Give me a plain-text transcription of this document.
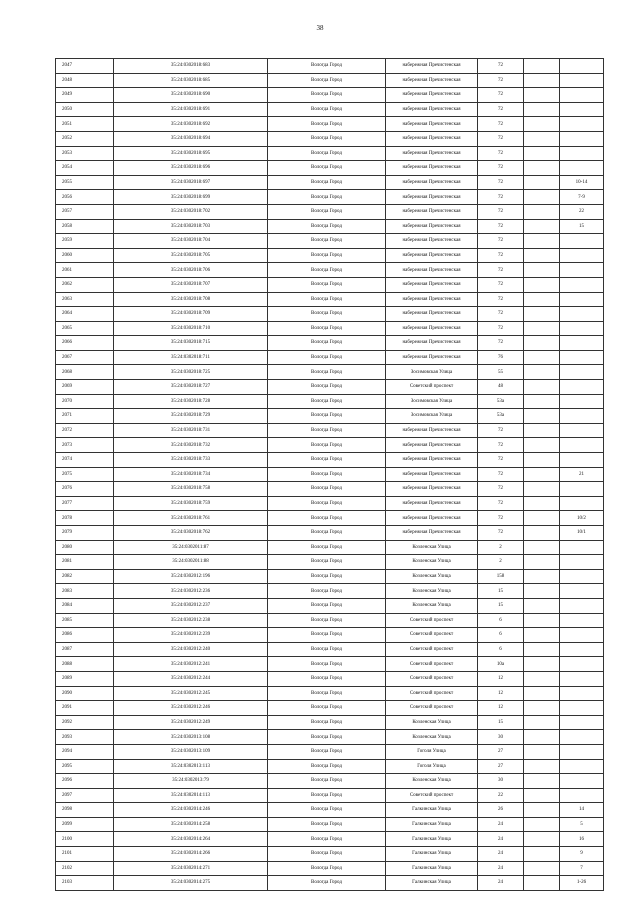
38
2047	35:24:0302018:683	Вологда Город	набережная Пречистенская	72		
2048	35:24:0302018:685	Вологда Город	набережная Пречистенская	72		
2049	35:24:0302018:690	Вологда Город	набережная Пречистенская	72		
2050	35:24:0302018:691	Вологда Город	набережная Пречистенская	72		
2051	35:24:0302018:692	Вологда Город	набережная Пречистенская	72		
2052	35:24:0302018:694	Вологда Город	набережная Пречистенская	72		
2053	35:24:0302018:695	Вологда Город	набережная Пречистенская	72		
2054	35:24:0302018:696	Вологда Город	набережная Пречистенская	72		
2055	35:24:0302018:697	Вологда Город	набережная Пречистенская	72		10-14
2056	35:24:0302018:699	Вологда Город	набережная Пречистенская	72		7-9
2057	35:24:0302018:702	Вологда Город	набережная Пречистенская	72		22
2058	35:24:0302018:703	Вологда Город	набережная Пречистенская	72		15
2059	35:24:0302018:704	Вологда Город	набережная Пречистенская	72		
2060	35:24:0302018:705	Вологда Город	набережная Пречистенская	72		
2061	35:24:0302018:706	Вологда Город	набережная Пречистенская	72		
2062	35:24:0302018:707	Вологда Город	набережная Пречистенская	72		
2063	35:24:0302018:708	Вологда Город	набережная Пречистенская	72		
2064	35:24:0302018:709	Вологда Город	набережная Пречистенская	72		
2065	35:24:0302018:710	Вологда Город	набережная Пречистенская	72		
2066	35:24:0302018:715	Вологда Город	набережная Пречистенская	72		
2067	35:24:0302018:711	Вологда Город	набережная Пречистенская	76		
2068	35:24:0302018:725	Вологда Город	Зосимовская Улица	55		
2069	35:24:0302018:727	Вологда Город	Советский проспект	48		
2070	35:24:0302018:728	Вологда Город	Зосимовская Улица	53а		
2071	35:24:0302018:729	Вологда Город	Зосимовская Улица	53а		
2072	35:24:0302018:731	Вологда Город	набережная Пречистенская	72		
2073	35:24:0302018:732	Вологда Город	набережная Пречистенская	72		
2074	35:24:0302018:733	Вологда Город	набережная Пречистенская	72		
2075	35:24:0302018:734	Вологда Город	набережная Пречистенская	72		21
2076	35:24:0302018:758	Вологда Город	набережная Пречистенская	72		
2077	35:24:0302018:759	Вологда Город	набережная Пречистенская	72		
2078	35:24:0302018:761	Вологда Город	набережная Пречистенская	72		10/2
2079	35:24:0302018:762	Вологда Город	набережная Пречистенская	72		10/1
2080	35:24:0302011:87	Вологда Город	Козленская Улица	2		
2081	35:24:0302011:88	Вологда Город	Козленская Улица	2		
2082	35:24:0302012:196	Вологда Город	Козленская Улица	158		
2083	35:24:0302012:236	Вологда Город	Козленская Улица	15		
2084	35:24:0302012:237	Вологда Город	Козленская Улица	15		
2085	35:24:0302012:238	Вологда Город	Советский проспект	6		
2086	35:24:0302012:239	Вологда Город	Советский проспект	6		
2087	35:24:0302012:240	Вологда Город	Советский проспект	6		
2088	35:24:0302012:241	Вологда Город	Советский проспект	10а		
2089	35:24:0302012:244	Вологда Город	Советский проспект	12		
2090	35:24:0302012:245	Вологда Город	Советский проспект	12		
2091	35:24:0302012:246	Вологда Город	Советский проспект	12		
2092	35:24:0302012:249	Вологда Город	Козленская Улица	15		
2093	35:24:0302013:108	Вологда Город	Козленская Улица	30		
2094	35:24:0302013:109	Вологда Город	Гоголя Улица	27		
2095	35:24:0302013:113	Вологда Город	Гоголя Улица	27		
2096	35:24:0302013:79	Вологда Город	Козленская Улица	30		
2097	35:24:0302014:113	Вологда Город	Советский проспект	22		
2098	35:24:0302014:246	Вологда Город	Галкинская Улица	26		14
2099	35:24:0302014:258	Вологда Город	Галкинская Улица	24		5
2100	35:24:0302014:264	Вологда Город	Галкинская Улица	24		16
2101	35:24:0302014:266	Вологда Город	Галкинская Улица	24		9
2102	35:24:0302014:271	Вологда Город	Галкинская Улица	24		7
2103	35:24:0302014:275	Вологда Город	Галкинская Улица	24		1-26
